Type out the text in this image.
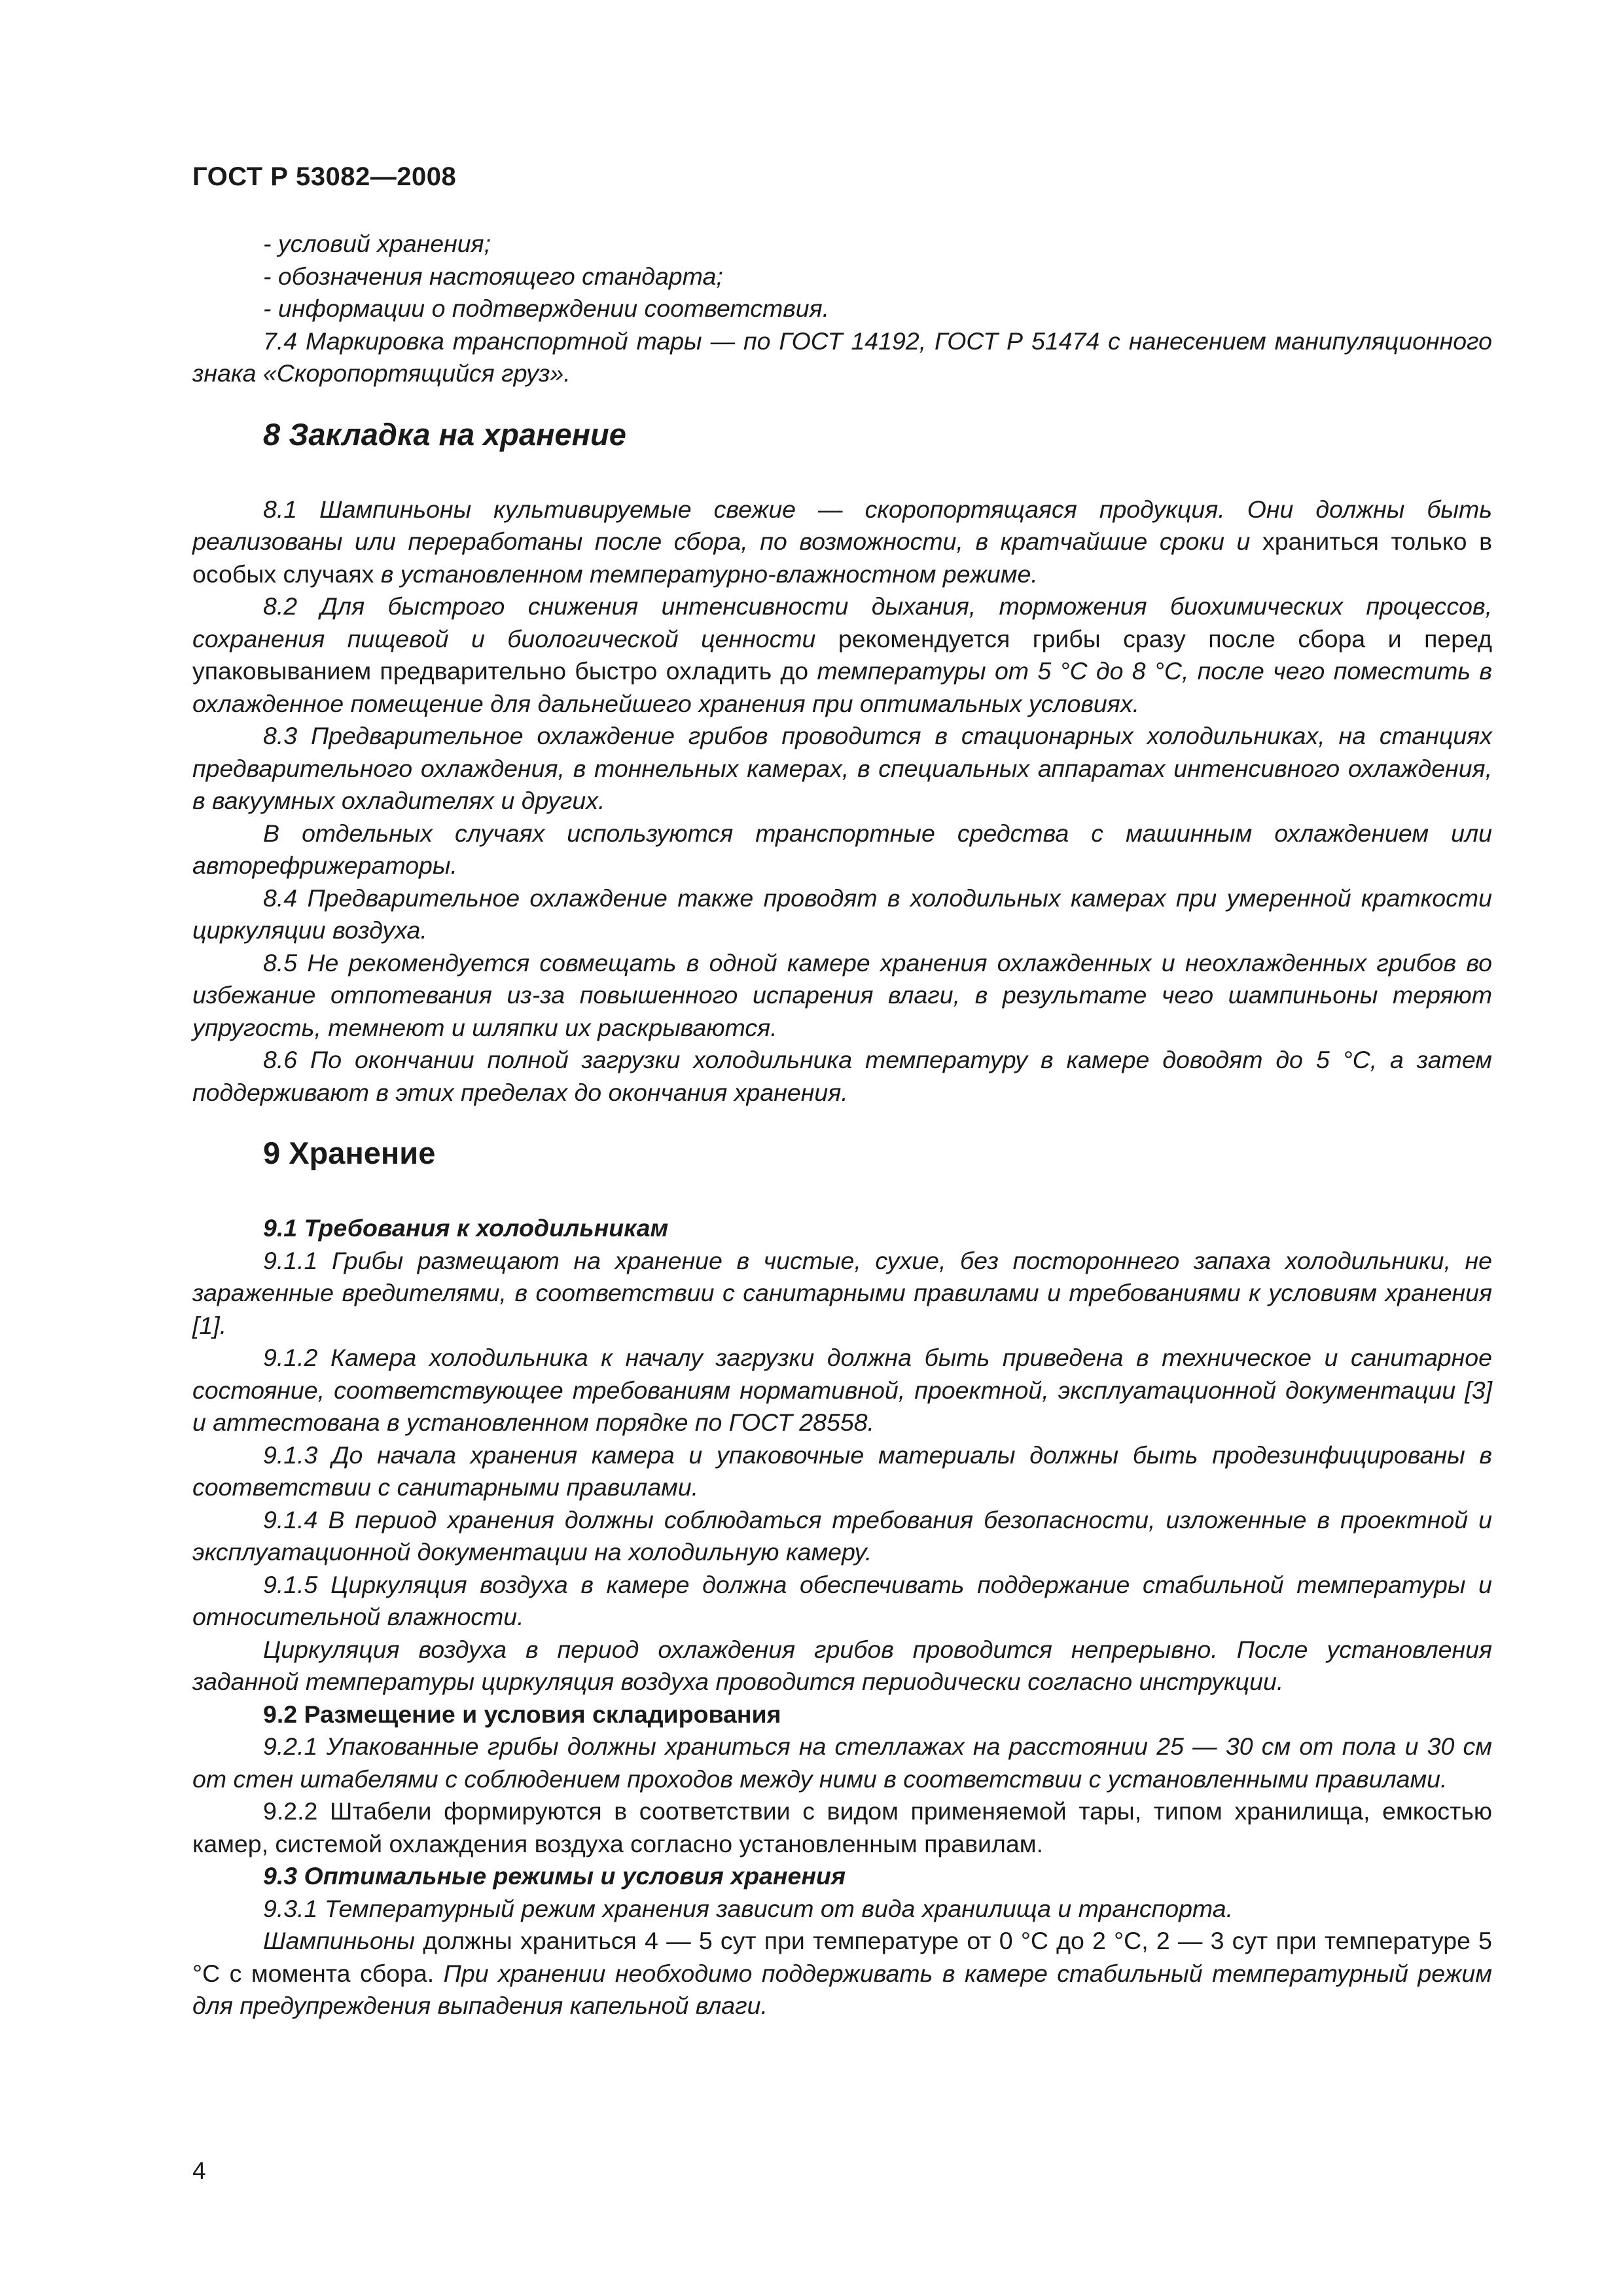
ГОСТ Р 53082—2008

- условий хранения;

- обозначения настоящего стандарта;

- информации о подтверждении соответствия.

7.4 Маркировка транспортной тары — по ГОСТ 14192, ГОСТ Р 51474 с нанесением манипуляционного знака «Скоропортящийся груз».

8 Закладка на хранение

8.1 Шампиньоны культивируемые свежие — скоропортящаяся продукция. Они должны быть реализованы или переработаны после сбора, по возможности, в кратчайшие сроки и храниться только в особых случаях в установленном температурно-влажностном режиме.

8.2 Для быстрого снижения интенсивности дыхания, торможения биохимических процессов, сохранения пищевой и биологической ценности рекомендуется грибы сразу после сбора и перед упаковыванием предварительно быстро охладить до температуры от 5 °С до 8 °С, после чего поместить в охлажденное помещение для дальнейшего хранения при оптимальных условиях.

8.3 Предварительное охлаждение грибов проводится в стационарных холодильниках, на станциях предварительного охлаждения, в тоннельных камерах, в специальных аппаратах интенсивного охлаждения, в вакуумных охладителях и других.

В отдельных случаях используются транспортные средства с машинным охлаждением или авторефрижераторы.

8.4 Предварительное охлаждение также проводят в холодильных камерах при умеренной краткости циркуляции воздуха.

8.5 Не рекомендуется совмещать в одной камере хранения охлажденных и неохлажденных грибов во избежание отпотевания из-за повышенного испарения влаги, в результате чего шампиньоны теряют упругость, темнеют и шляпки их раскрываются.

8.6 По окончании полной загрузки холодильника температуру в камере доводят до 5 °С, а затем поддерживают в этих пределах до окончания хранения.

9 Хранение

9.1 Требования к холодильникам

9.1.1 Грибы размещают на хранение в чистые, сухие, без постороннего запаха холодильники, не зараженные вредителями, в соответствии с санитарными правилами и требованиями к условиям хранения [1].

9.1.2 Камера холодильника к началу загрузки должна быть приведена в техническое и санитарное состояние, соответствующее требованиям нормативной, проектной, эксплуатационной документации [3] и аттестована в установленном порядке по ГОСТ 28558.

9.1.3 До начала хранения камера и упаковочные материалы должны быть продезинфицированы в соответствии с санитарными правилами.

9.1.4 В период хранения должны соблюдаться требования безопасности, изложенные в проектной и эксплуатационной документации на холодильную камеру.

9.1.5 Циркуляция воздуха в камере должна обеспечивать поддержание стабильной температуры и относительной влажности.

Циркуляция воздуха в период охлаждения грибов проводится непрерывно. После установления заданной температуры циркуляция воздуха проводится периодически согласно инструкции.

9.2 Размещение и условия складирования

9.2.1 Упакованные грибы должны храниться на стеллажах на расстоянии 25 — 30 см от пола и 30 см от стен штабелями с соблюдением проходов между ними в соответствии с установленными правилами.

9.2.2 Штабели формируются в соответствии с видом применяемой тары, типом хранилища, емкостью камер, системой охлаждения воздуха согласно установленным правилам.

9.3 Оптимальные режимы и условия хранения

9.3.1 Температурный режим хранения зависит от вида хранилища и транспорта.

Шампиньоны должны храниться 4 — 5 сут при температуре от 0 °С до 2 °С, 2 — 3 сут при температуре 5 °С с момента сбора. При хранении необходимо поддерживать в камере стабильный температурный режим для предупреждения выпадения капельной влаги.

4
